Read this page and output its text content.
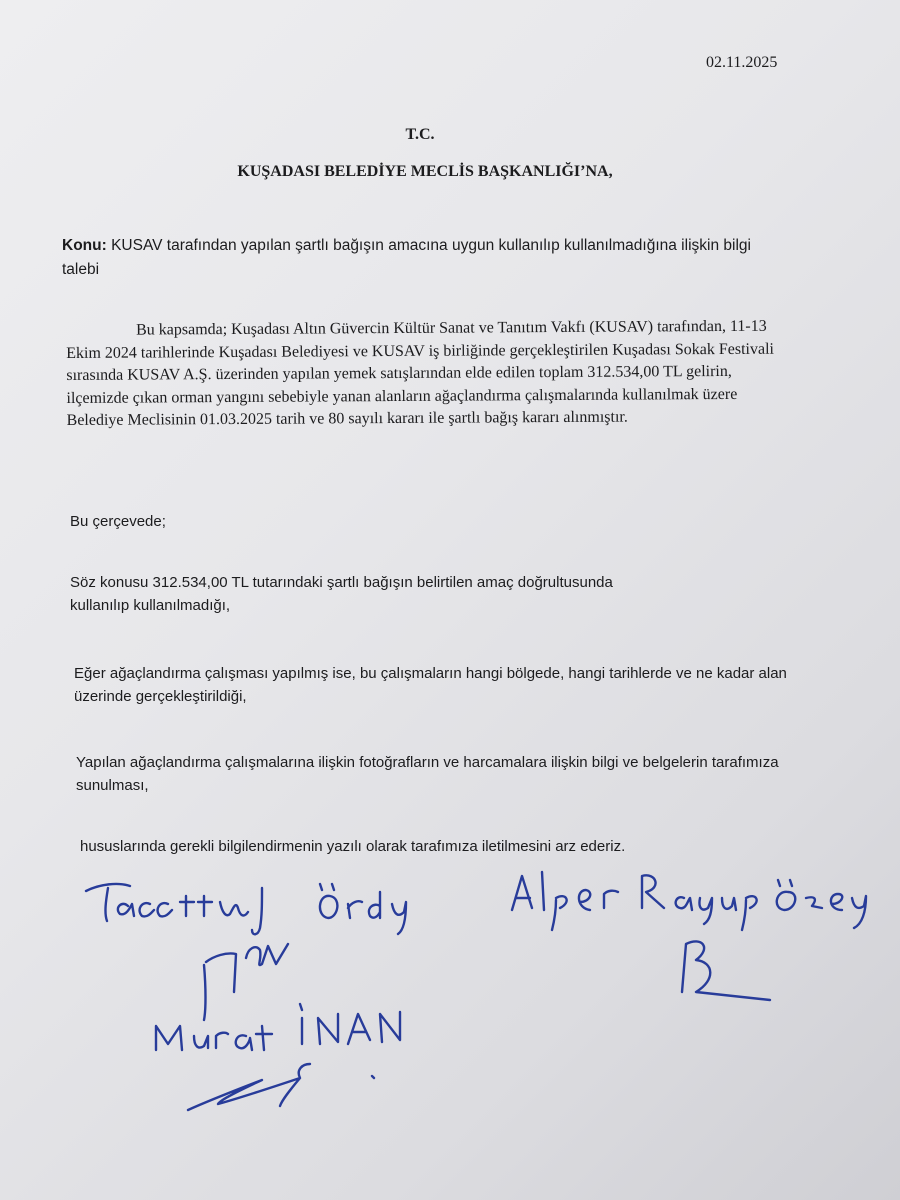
02.11.2025
T.C.
KUŞADASI BELEDİYE MECLİS BAŞKANLIĞI’NA,
Konu: KUSAV tarafından yapılan şartlı bağışın amacına uygun kullanılıp kullanılmadığına ilişkin bilgi talebi
Bu kapsamda; Kuşadası Altın Güvercin Kültür Sanat ve Tanıtım Vakfı (KUSAV) tarafından, 11-13 Ekim 2024 tarihlerinde Kuşadası Belediyesi ve KUSAV iş birliğinde gerçekleştirilen Kuşadası Sokak Festivali sırasında KUSAV A.Ş. üzerinden yapılan yemek satışlarından elde edilen toplam 312.534,00 TL gelirin, ilçemizde çıkan orman yangını sebebiyle yanan alanların ağaçlandırma çalışmalarında kullanılmak üzere Belediye Meclisinin 01.03.2025 tarih ve 80 sayılı kararı ile şartlı bağış kararı alınmıştır.
Bu çerçevede;
Söz konusu 312.534,00 TL tutarındaki şartlı bağışın belirtilen amaç doğrultusunda kullanılıp kullanılmadığı,
Eğer ağaçlandırma çalışması yapılmış ise, bu çalışmaların hangi bölgede, hangi tarihlerde ve ne kadar alan üzerinde gerçekleştirildiği,
Yapılan ağaçlandırma çalışmalarına ilişkin fotoğrafların ve harcamalara ilişkin bilgi ve belgelerin tarafımıza sunulması,
hususlarında gerekli bilgilendirmenin yazılı olarak tarafımıza iletilmesini arz ederiz.
